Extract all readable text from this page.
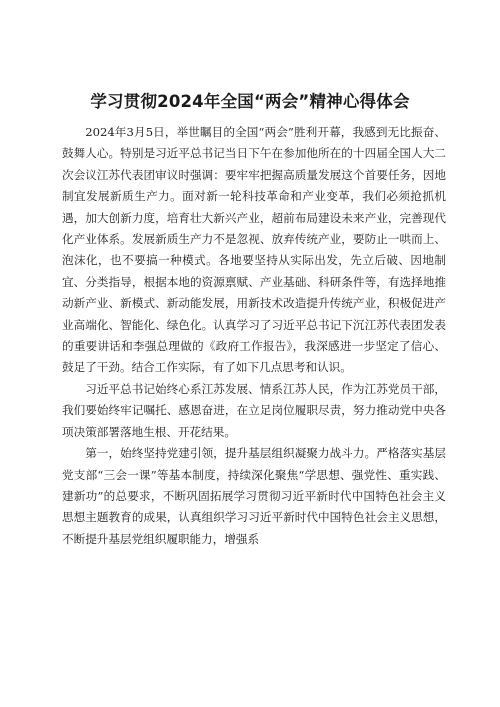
学习贯彻2024年全国“两会”精神心得体会

2024年3月5日，举世瞩目的全国“两会”胜利开幕，我感到无比振奋、鼓舞人心。特别是习近平总书记当日下午在参加他所在的十四届全国人大二次会议江苏代表团审议时强调：要牢牢把握高质量发展这个首要任务，因地制宜发展新质生产力。面对新一轮科技革命和产业变革，我们必须抢抓机遇，加大创新力度，培育壮大新兴产业，超前布局建设未来产业，完善现代化产业体系。发展新质生产力不是忽视、放弃传统产业，要防止一哄而上、泡沫化，也不要搞一种模式。各地要坚持从实际出发，先立后破、因地制宜、分类指导，根据本地的资源禀赋、产业基础、科研条件等，有选择地推动新产业、新模式、新动能发展，用新技术改造提升传统产业，积极促进产业高端化、智能化、绿色化。认真学习了习近平总书记下沉江苏代表团发表的重要讲话和李强总理做的《政府工作报告》，我深感进一步坚定了信心、鼓足了干劲。结合工作实际，有了如下几点思考和认识。

习近平总书记始终心系江苏发展、情系江苏人民，作为江苏党员干部，我们要始终牢记嘱托、感恩奋进，在立足岗位履职尽责，努力推动党中央各项决策部署落地生根、开花结果。

第一，始终坚持党建引领，提升基层组织凝聚力战斗力。严格落实基层党支部“三会一课”等基本制度，持续深化聚焦“学思想、强党性、重实践、建新功”的总要求，不断巩固拓展学习贯彻习近平新时代中国特色社会主义思想主题教育的成果，认真组织学习习近平新时代中国特色社会主义思想，不断提升基层党组织履职能力，增强系
